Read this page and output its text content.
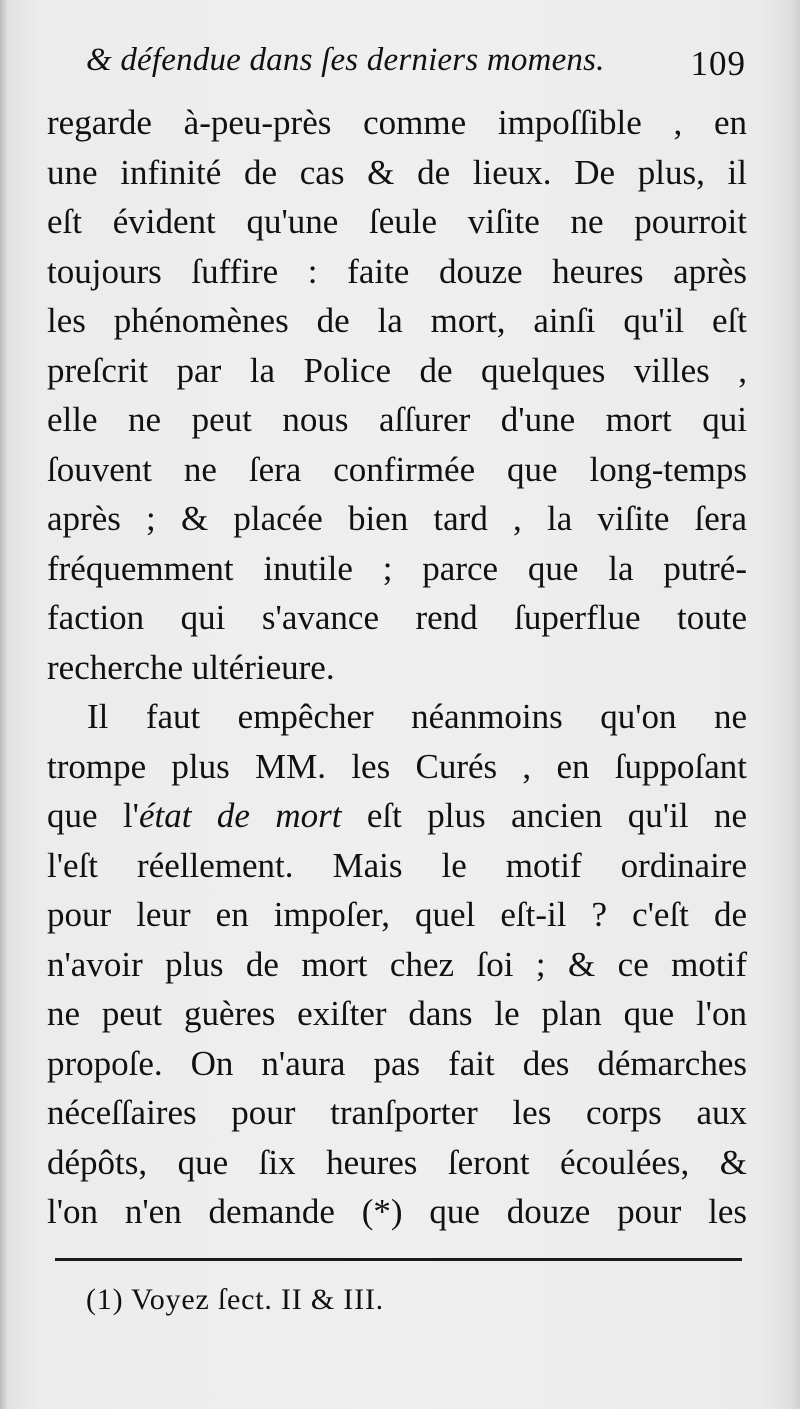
& défendue dans ſes derniers momens. 109
regarde à-peu-près comme impoſſible , en
une infinité de cas & de lieux. De plus, il
eſt évident qu'une ſeule viſite ne pourroit
toujours ſuffire : faite douze heures après
les phénomènes de la mort, ainſi qu'il eſt
preſcrit par la Police de quelques villes ,
elle ne peut nous aſſurer d'une mort qui
ſouvent ne ſera confirmée que long-temps
après ; & placée bien tard , la viſite ſera
fréquemment inutile ; parce que la putré-
faction qui s'avance rend ſuperflue toute
recherche ultérieure.
Il faut empêcher néanmoins qu'on ne
trompe plus MM. les Curés , en ſuppoſant
que l'état de mort eſt plus ancien qu'il ne
l'eſt réellement. Mais le motif ordinaire
pour leur en impoſer, quel eſt-il ? c'eſt de
n'avoir plus de mort chez ſoi ; & ce motif
ne peut guères exiſter dans le plan que l'on
propoſe. On n'aura pas fait des démarches
néceſſaires pour tranſporter les corps aux
dépôts, que ſix heures ſeront écoulées, &
l'on n'en demande (*) que douze pour les
(1) Voyez ſect. II & III.
